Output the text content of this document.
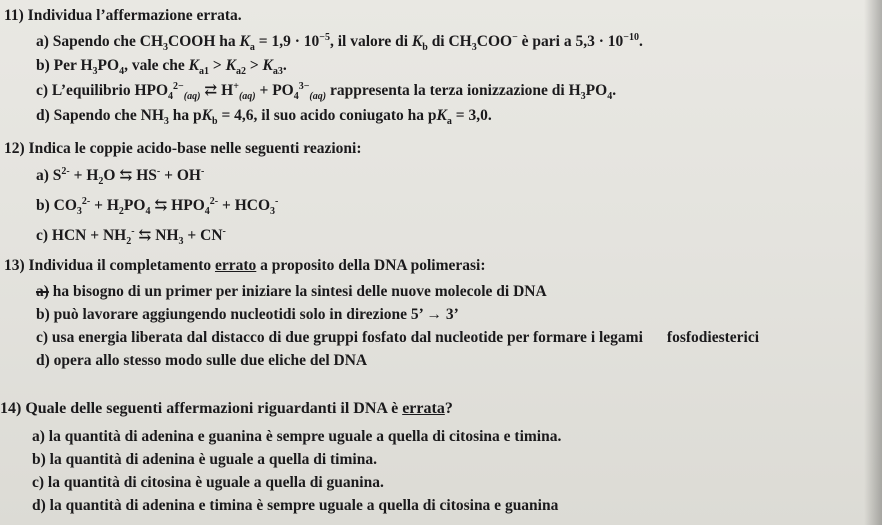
11) Individua l’affermazione errata.
a) Sapendo che $CH_3COOH$ ha $K_a = 1,9 \cdot 10^{-5}$, il valore di $K_b$ di $CH_3COO^-$ è pari a $5,3 \cdot 10^{-10}$.
b) Per $H_3PO_4$, vale che $K_{a1} > K_{a2} > K_{a3}$.
c) L’equilibrio $HPO_4^{2-}_{(aq)}$ ⇄ $H^+_{(aq)} + PO_4^{3-}_{(aq)}$ rappresenta la terza ionizzazione di $H_3PO_4$.
d) Sapendo che $NH_3$ ha $pK_b = 4,6$, il suo acido coniugato ha $pK_a = 3,0$.
12) Indica le coppie acido-base nelle seguenti reazioni:
a) $S^{2-} + H_2O$ ⇆ HS- + OH-
b) $CO_3^{2-} + H_2PO_4$ ⇆ $HPO_4^{2-} + HCO_3^-$
c) HCN + $NH_2^-$ ⇆ $NH_3 + CN^-$
13) Individua il completamento errato a proposito della DNA polimerasi:
a) ha bisogno di un primer per iniziare la sintesi delle nuove molecole di DNA
b) può lavorare aggiungendo nucleotidi solo in direzione 5’ → 3’
c) usa energia liberata dal distacco di due gruppi fosfato dal nucleotide per formare i legami fosfodiesterici
d) opera allo stesso modo sulle due eliche del DNA
14) Quale delle seguenti affermazioni riguardanti il DNA è errata?
a) la quantità di adenina e guanina è sempre uguale a quella di citosina e timina.
b) la quantità di adenina è uguale a quella di timina.
c) la quantità di citosina è uguale a quella di guanina.
d) la quantità di adenina e timina è sempre uguale a quella di citosina e guanina
